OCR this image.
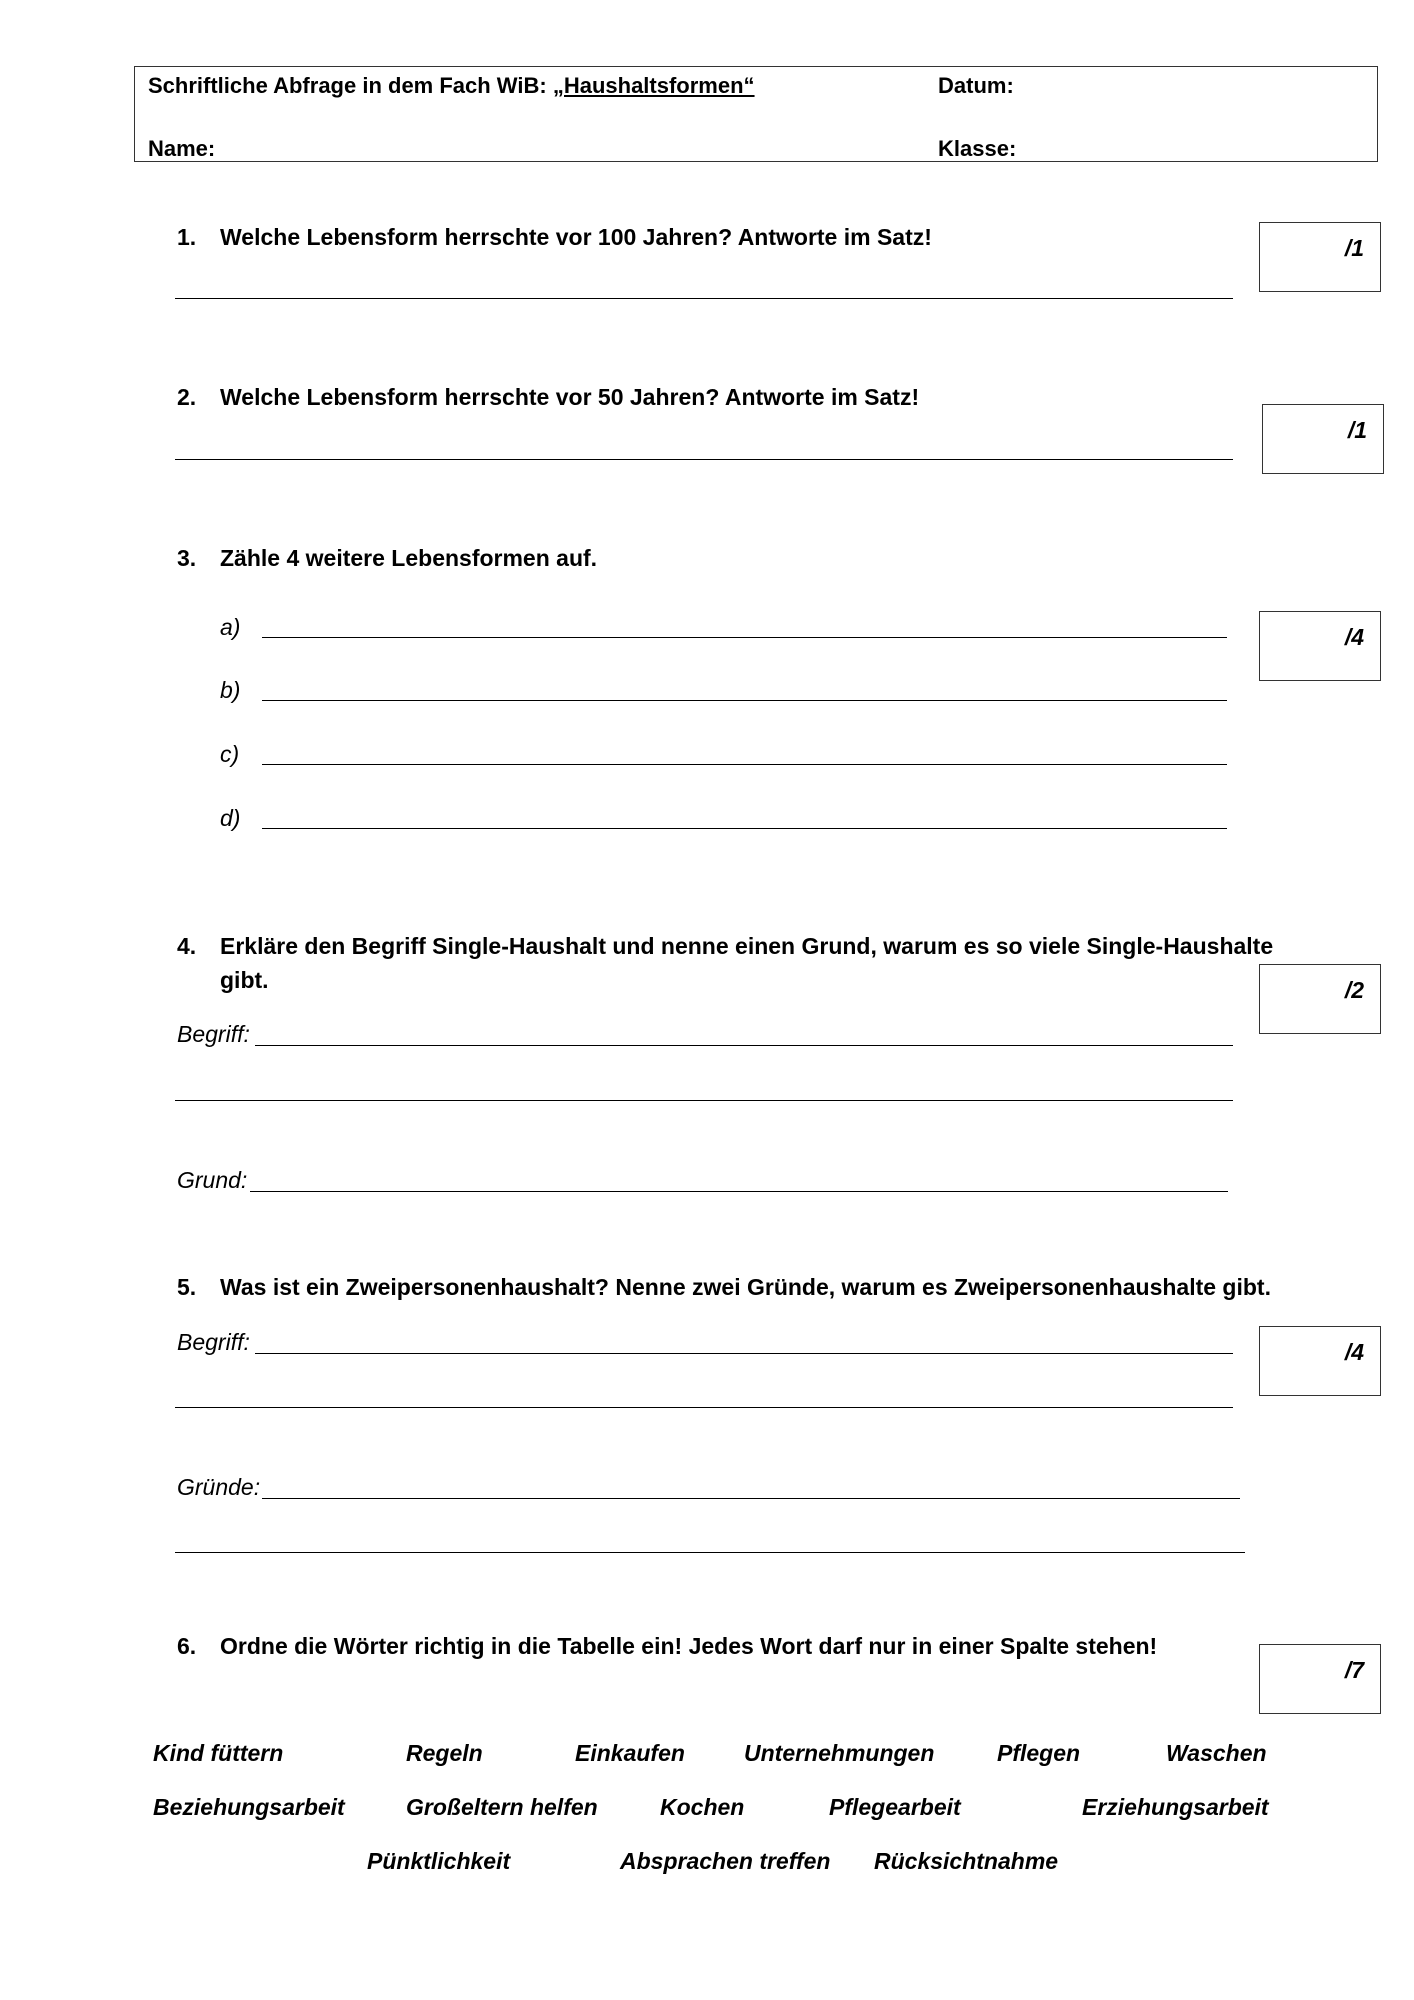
Schriftliche Abfrage in dem Fach WiB: „Haushaltsformen“	Datum:
Name:	Klasse:
1. Welche Lebensform herrschte vor 100 Jahren? Antworte im Satz!	/1
2. Welche Lebensform herrschte vor 50 Jahren? Antworte im Satz!
/1
3. Zähle 4 weitere Lebensformen auf.
/4
a)
b)
c)
d)
4. Erkläre den Begriff Single-Haushalt und nenne einen Grund, warum es so viele Single-Haushalte
gibt.	/2
Begriff:
Grund:
5. Was ist ein Zweipersonenhaushalt? Nenne zwei Gründe, warum es Zweipersonenhaushalte gibt.
/4
Begriff:
Gründe:
6. Ordne die Wörter richtig in die Tabelle ein! Jedes Wort darf nur in einer Spalte stehen!
/7
Kind füttern	Regeln	Einkaufen	Unternehmungen	Pflegen	Waschen
Beziehungsarbeit	Großeltern helfen	Kochen	Pflegearbeit	Erziehungsarbeit
Pünktlichkeit	Absprachen treffen Rücksichtnahme
